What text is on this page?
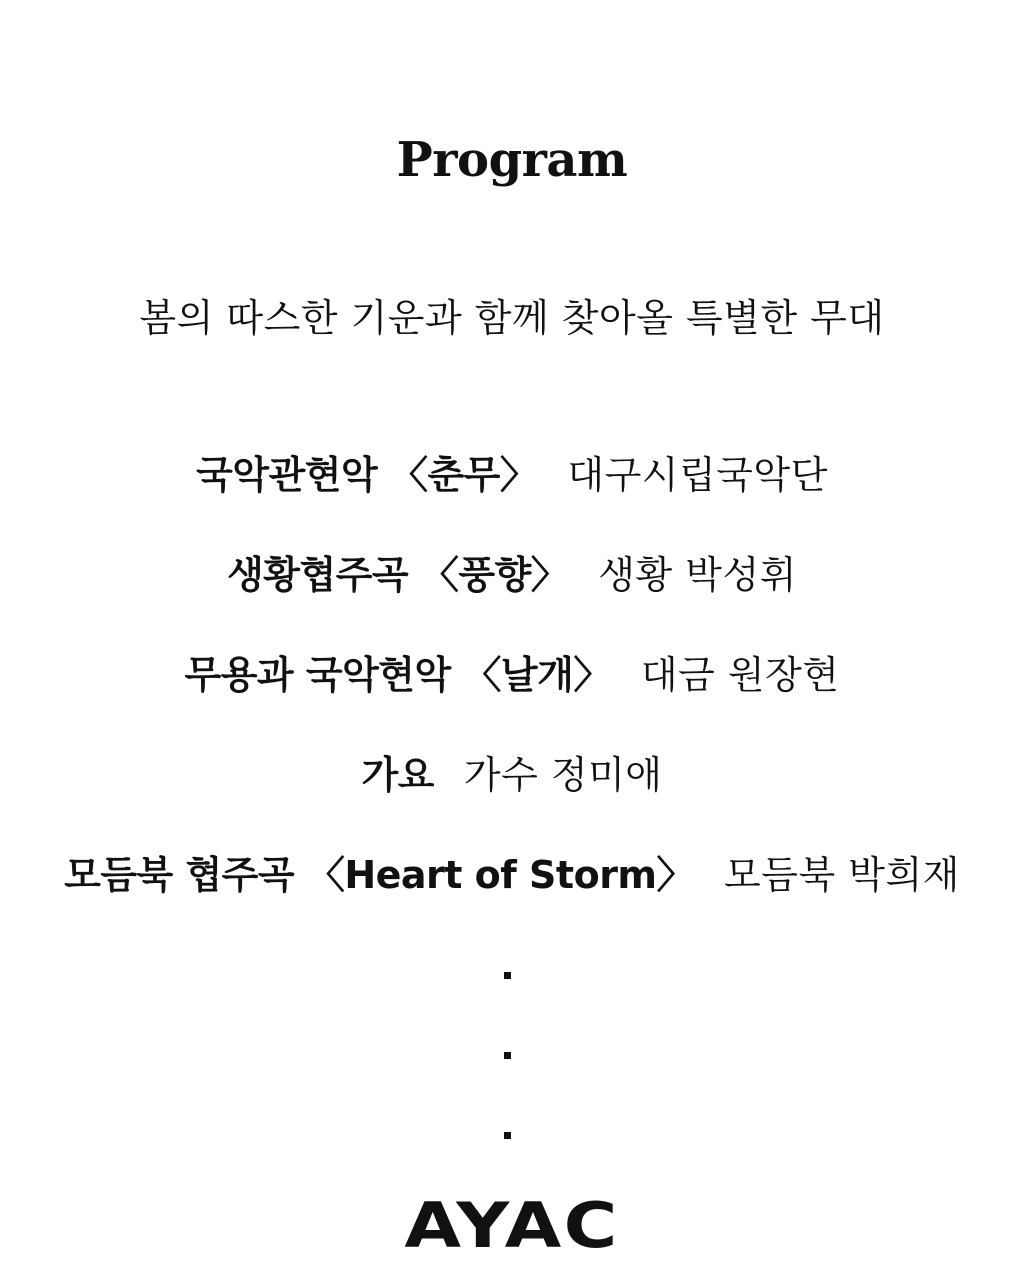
Program
봄의 따스한 기운과 함께 찾아올 특별한 무대
국악관현악 〈춘무〉 대구시립국악단
생황협주곡 〈풍향〉 생황 박성휘
무용과 국악현악 〈날개〉 대금 원장현
가요 가수 정미애
모듬북 협주곡 〈Heart of Storm〉 모듬북 박희재
AYAC
